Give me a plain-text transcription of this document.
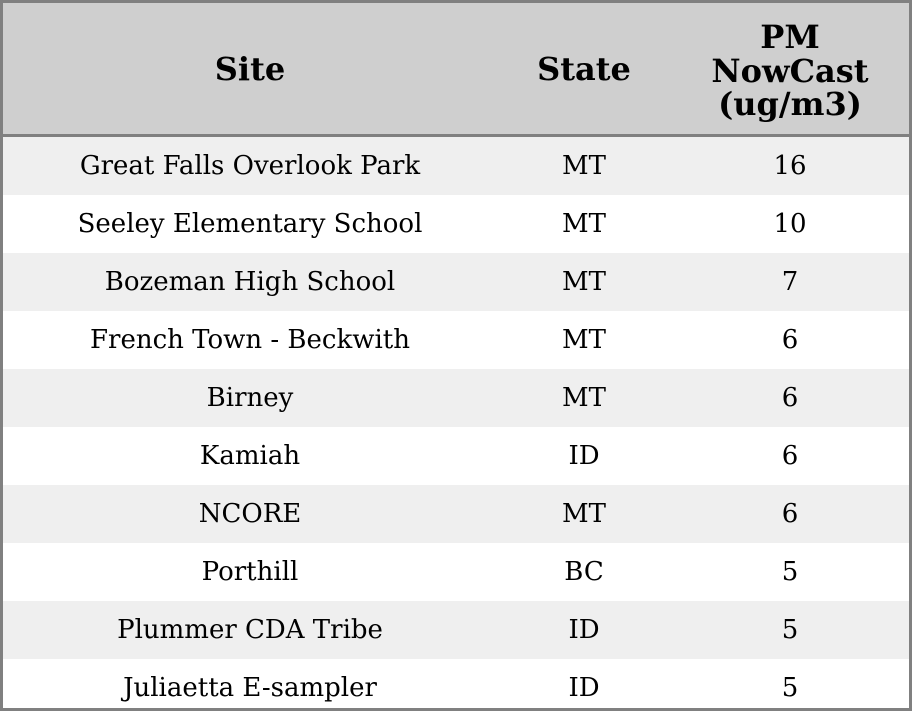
Site	State	PM
NowCast
(ug/m3)

Great Falls Overlook Park	MT	16
Seeley Elementary School	MT	10
Bozeman High School	MT	7
French Town - Beckwith	MT	6
Birney	MT	6
Kamiah	ID	6
NCORE	MT	6
Porthill	BC	5
Plummer CDA Tribe	ID	5
Juliaetta E-sampler	ID	5
